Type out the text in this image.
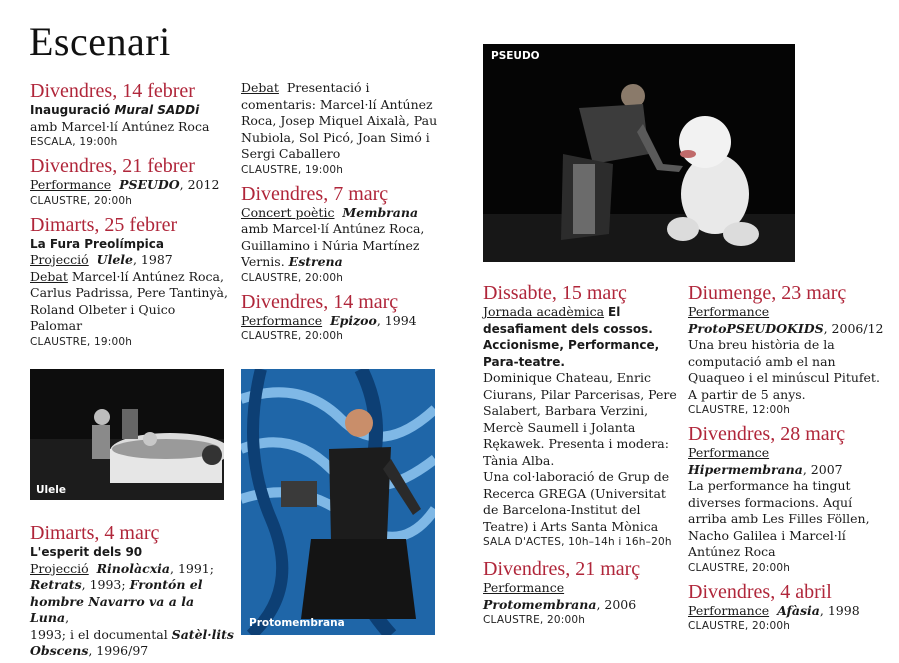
Escenari
Divendres, 14 febrer
Inauguració Mural SADDi
amb Marcel·lí Antúnez Roca
ESCALA, 19:00h
Divendres, 21 febrer
Performance PSEUDO, 2012
CLAUSTRE, 20:00h
Dimarts, 25 febrer
La Fura Preolímpica
Projecció Ulele, 1987
Debat Marcel·lí Antúnez Roca,
Carlus Padrissa, Pere Tantinyà,
Roland Olbeter i Quico
Palomar
CLAUSTRE, 19:00h
Ulele
Dimarts, 4 març
L'esperit dels 90
Projecció Rinolàcxia, 1991;
Retrats, 1993; Frontón el
hombre Navarro va a la Luna,
1993; i el documental Satèl·lits
Obscens, 1996/97
Debat Presentació i
comentaris: Marcel·lí Antúnez
Roca, Josep Miquel Aixalà, Pau
Nubiola, Sol Picó, Joan Simó i
Sergi Caballero
CLAUSTRE, 19:00h
Divendres, 7 març
Concert poètic Membrana
amb Marcel·lí Antúnez Roca,
Guillamino i Núria Martínez
Vernis. Estrena
CLAUSTRE, 20:00h
Divendres, 14 març
Performance Epizoo, 1994
CLAUSTRE, 20:00h
Protomembrana
PSEUDO
Dissabte, 15 març
Jornada acadèmica El
desafiament dels cossos.
Accionisme, Performance,
Para-teatre.
Dominique Chateau, Enric
Ciurans, Pilar Parcerisas, Pere
Salabert, Barbara Verzini,
Mercè Saumell i Jolanta
Rękawek. Presenta i modera:
Tània Alba.
Una col·laboració de Grup de
Recerca GREGA (Universitat
de Barcelona-Institut del
Teatre) i Arts Santa Mònica
SALA D'ACTES, 10h–14h i 16h–20h
Divendres, 21 març
Performance
Protomembrana, 2006
CLAUSTRE, 20:00h
Diumenge, 23 març
Performance
ProtoPSEUDOKIDS, 2006/12
Una breu història de la
computació amb el nan
Quaqueo i el minúscul Pitufet.
A partir de 5 anys.
CLAUSTRE, 12:00h
Divendres, 28 març
Performance
Hipermembrana, 2007
La performance ha tingut
diverses formacions. Aquí
arriba amb Les Filles Föllen,
Nacho Galilea i Marcel·lí
Antúnez Roca
CLAUSTRE, 20:00h
Divendres, 4 abril
Performance Afàsia, 1998
CLAUSTRE, 20:00h
